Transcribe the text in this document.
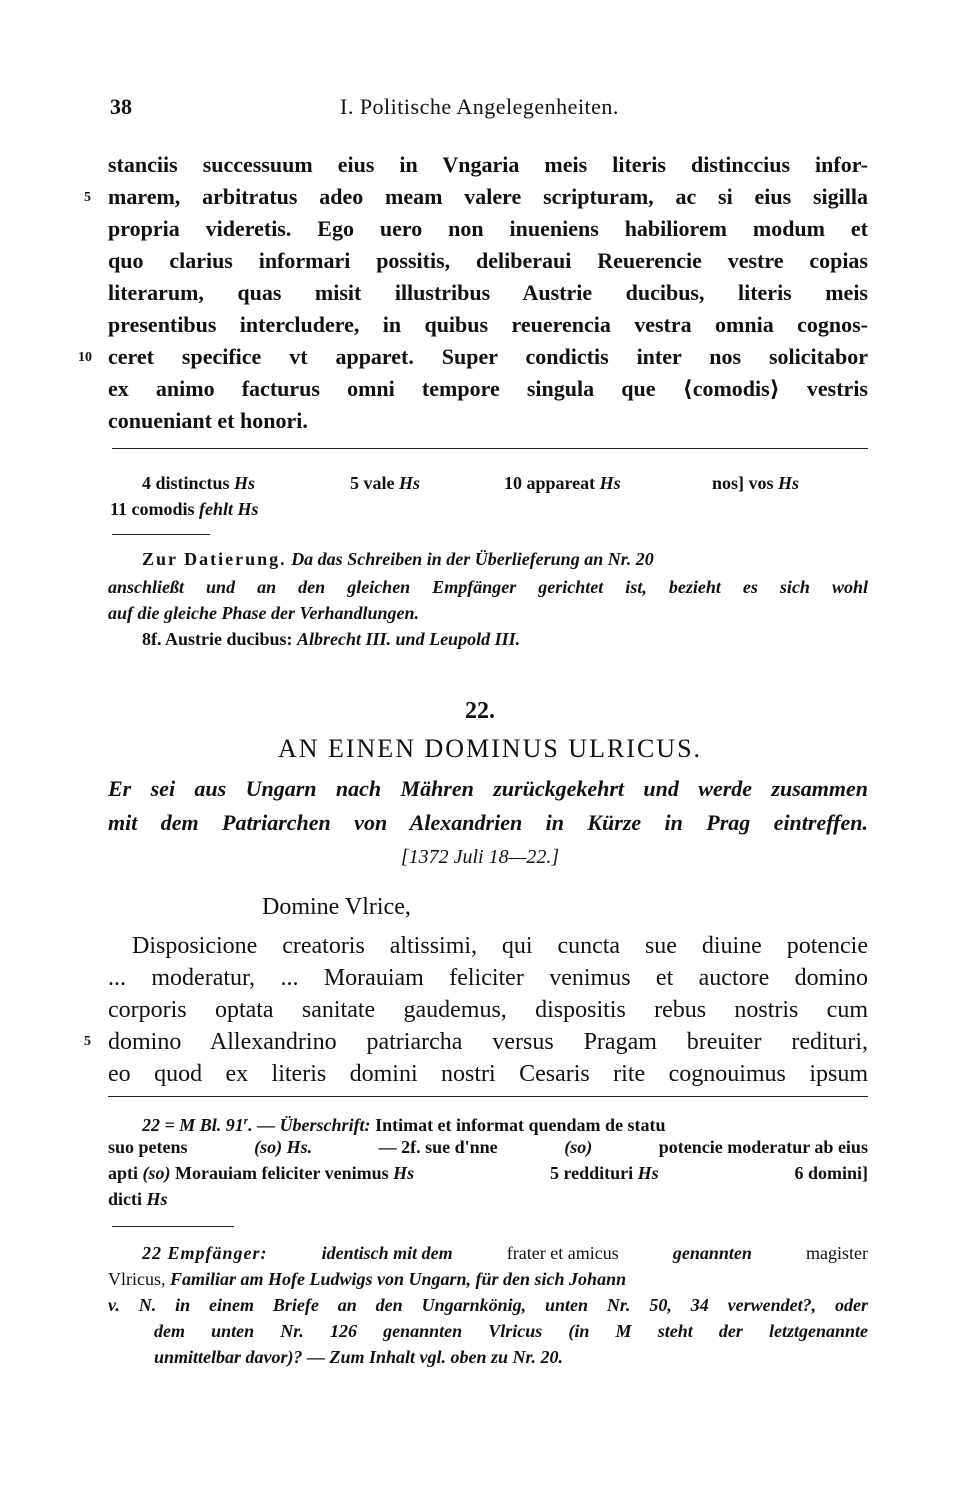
38	I. Politische Angelegenheiten.
stanciis successuum eius in Vngaria meis literis distinccius infor-
marem, arbitratus adeo meam valere scripturam, ac si eius sigilla
propria videretis. Ego uero non inueniens habiliorem modum et
quo clarius informari possitis, deliberaui Reuerencie vestre copias
literarum, quas misit illustribus Austrie ducibus, literis meis
presentibus intercludere, in quibus reuerencia vestra omnia cognos-
ceret specifice vt apparet. Super condictis inter nos solicitabor
ex animo facturus omni tempore singula que ⟨comodis⟩ vestris
conueniant et honori.
5
10
4 distinctus Hs	5 vale Hs	10 appareat Hs	nos] vos Hs
11 comodis fehlt Hs
Zur Datierung. Da das Schreiben in der Überlieferung an Nr. 20
anschließt und an den gleichen Empfänger gerichtet ist, bezieht es sich wohl
auf die gleiche Phase der Verhandlungen.
8f. Austrie ducibus: Albrecht III. und Leupold III.
22.
AN EINEN DOMINUS ULRICUS.
Er sei aus Ungarn nach Mähren zurückgekehrt und werde zusammen
mit dem Patriarchen von Alexandrien in Kürze in Prag eintreffen.
[1372 Juli 18—22.]
Domine Vlrice,
Disposicione creatoris altissimi, qui cuncta sue diuine potencie
... moderatur, ... Morauiam feliciter venimus et auctore domino
corporis optata sanitate gaudemus, dispositis rebus nostris cum
domino Allexandrino patriarcha versus Pragam breuiter redituri,
eo quod ex literis domini nostri Cesaris rite cognouimus ipsum
5
22 = M Bl. 91$^r$. — Überschrift: Intimat et informat quendam de statu
suo petens	(so) Hs.	— 2f. sue d'nne	(so)	potencie moderatur ab eius
apti (so) Morauiam feliciter venimus Hs	5 reddituri Hs	6 domini]
dicti Hs
22 Empfänger:	identisch mit dem	frater et amicus	genannten	magister
Vlricus, Familiar am Hofe Ludwigs von Ungarn, für den sich Johann
v. N. in einem Briefe an den Ungarnkönig, unten Nr. 50, 34 verwendet?, oder
dem unten Nr. 126 genannten Vlricus (in M steht der letztgenannte
unmittelbar davor)? — Zum Inhalt vgl. oben zu Nr. 20.
